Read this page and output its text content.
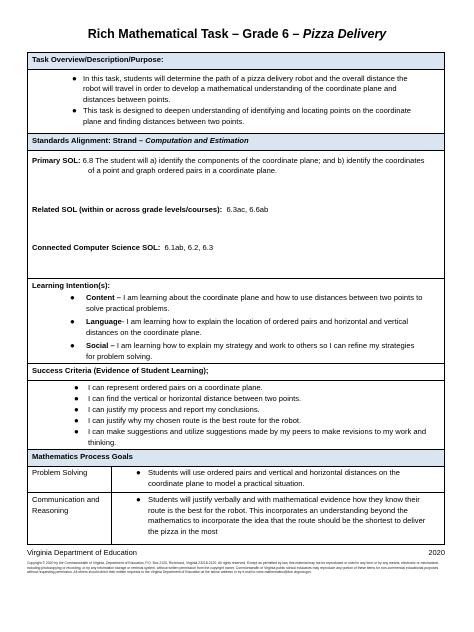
Rich Mathematical Task – Grade 6 – Pizza Delivery
Task Overview/Description/Purpose:
● In this task, students will determine the path of a pizza delivery robot and the overall distance the robot will travel in order to develop a mathematical understanding of the coordinate plane and distances between points.
● This task is designed to deepen understanding of identifying and locating points on the coordinate plane and finding distances between two points.
Standards Alignment: Strand – Computation and Estimation
Primary SOL: 6.8 The student will a) identify the components of the coordinate plane; and b) identify the coordinates
of a point and graph ordered pairs in a coordinate plane.
Related SOL (within or across grade levels/courses): 6.3ac, 6.6ab
Connected Computer Science SOL: 6.1ab, 6.2, 6.3
Learning Intention(s):
● Content – I am learning about the coordinate plane and how to use distances between two points to solve practical problems.
● Language- I am learning how to explain the location of ordered pairs and horizontal and vertical distances on the coordinate plane.
● Social – I am learning how to explain my strategy and work to others so I can refine my strategies for problem solving.
Success Criteria (Evidence of Student Learning);
● I can represent ordered pairs on a coordinate plane.
● I can find the vertical or horizontal distance between two points.
● I can justify my process and report my conclusions.
● I can justify why my chosen route is the best route for the robot.
● I can make suggestions and utilize suggestions made by my peers to make revisions to my work and thinking.
Mathematics Process Goals
Problem Solving	● Students will use ordered pairs and vertical and horizontal distances on the coordinate plane to model a practical situation.
Communication and Reasoning
● Students will justify verbally and with mathematical evidence how they know their route is the best for the robot. This incorporates an understanding beyond the mathematics to incorporate the idea that the route should be the shortest to deliver the pizza in the most
Virginia Department of Education	2020
Copyright © 2020 by the Commonwealth of Virginia, Department of Education, P.O. Box 2120, Richmond, Virginia 23218-2120. All rights reserved. Except as permitted by law, this material may not be reproduced or used in any form or by any means, electronic or mechanical, including photocopying or recording, or by any information storage or retrieval system, without written permission from the copyright owner. Commonwealth of Virginia public school educators may reproduce any portion of these items for non-commercial educational purposes without requesting permission. All others should direct their written requests to the Virginia Department of Education at the above address or by e-mail to vdoe.mathematics@doe.virginia.gov.
